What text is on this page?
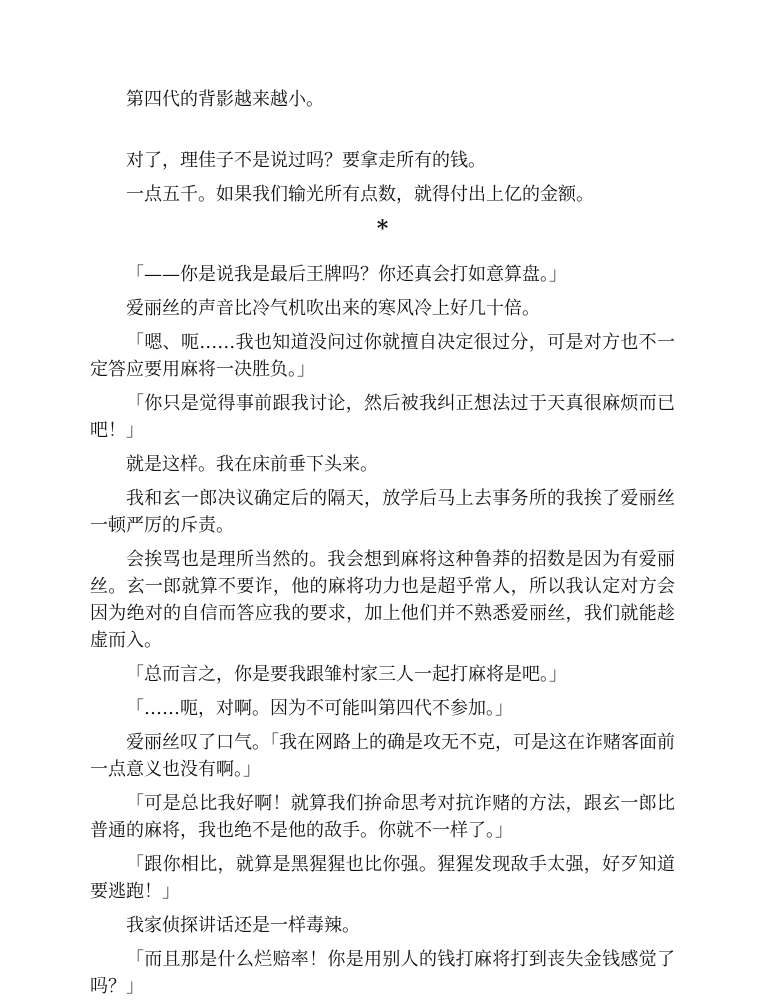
第四代的背影越来越小。

对了，理佳子不是说过吗？要拿走所有的钱。

一点五千。如果我们输光所有点数，就得付出上亿的金额。

*

「——你是说我是最后王牌吗？你还真会打如意算盘。」

爱丽丝的声音比冷气机吹出来的寒风冷上好几十倍。

「嗯、呃……我也知道没问过你就擅自决定很过分，可是对方也不一定答应要用麻将一决胜负。」

「你只是觉得事前跟我讨论，然后被我纠正想法过于天真很麻烦而已吧！」

就是这样。我在床前垂下头来。

我和玄一郎决议确定后的隔天，放学后马上去事务所的我挨了爱丽丝一顿严厉的斥责。

会挨骂也是理所当然的。我会想到麻将这种鲁莽的招数是因为有爱丽丝。玄一郎就算不要诈，他的麻将功力也是超乎常人，所以我认定对方会因为绝对的自信而答应我的要求，加上他们并不熟悉爱丽丝，我们就能趁虚而入。

「总而言之，你是要我跟雏村家三人一起打麻将是吧。」

「……呃，对啊。因为不可能叫第四代不参加。」

爱丽丝叹了口气。「我在网路上的确是攻无不克，可是这在诈赌客面前一点意义也没有啊。」

「可是总比我好啊！就算我们拚命思考对抗诈赌的方法，跟玄一郎比普通的麻将，我也绝不是他的敌手。你就不一样了。」

「跟你相比，就算是黑猩猩也比你强。猩猩发现敌手太强，好歹知道要逃跑！」

我家侦探讲话还是一样毒辣。

「而且那是什么烂赔率！你是用别人的钱打麻将打到丧失金钱感觉了吗？」
